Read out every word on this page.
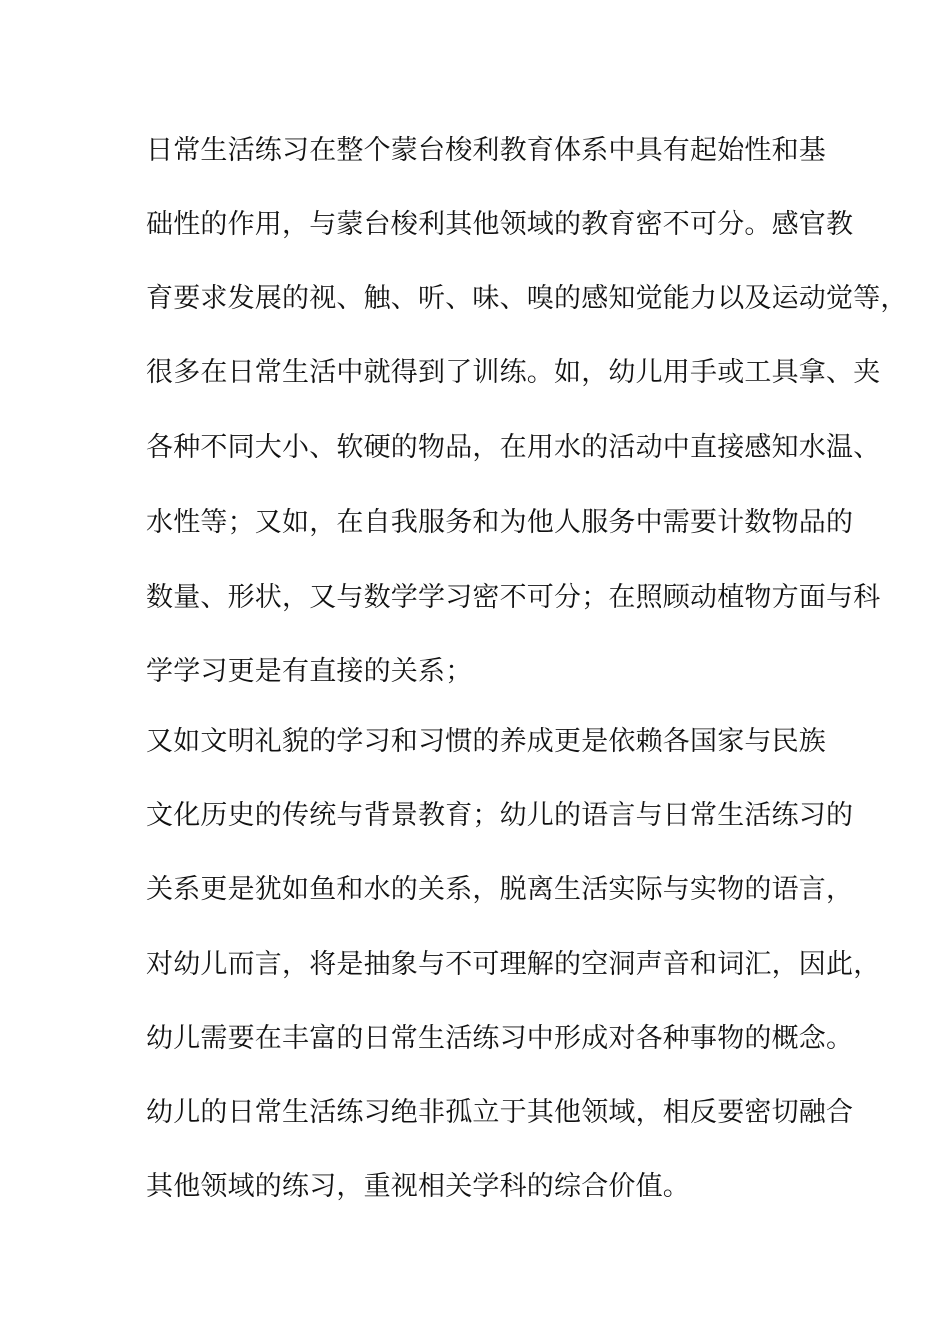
日常生活练习在整个蒙台梭利教育体系中具有起始性和基
础性的作用，与蒙台梭利其他领域的教育密不可分。感官教
育要求发展的视、触、听、味、嗅的感知觉能力以及运动觉等，
很多在日常生活中就得到了训练。如，幼儿用手或工具拿、夹
各种不同大小、软硬的物品，在用水的活动中直接感知水温、
水性等；又如，在自我服务和为他人服务中需要计数物品的
数量、形状，又与数学学习密不可分；在照顾动植物方面与科
学学习更是有直接的关系；
又如文明礼貌的学习和习惯的养成更是依赖各国家与民族
文化历史的传统与背景教育；幼儿的语言与日常生活练习的
关系更是犹如鱼和水的关系，脱离生活实际与实物的语言，
对幼儿而言，将是抽象与不可理解的空洞声音和词汇，因此，
幼儿需要在丰富的日常生活练习中形成对各种事物的概念。
幼儿的日常生活练习绝非孤立于其他领域，相反要密切融合
其他领域的练习，重视相关学科的综合价值。
